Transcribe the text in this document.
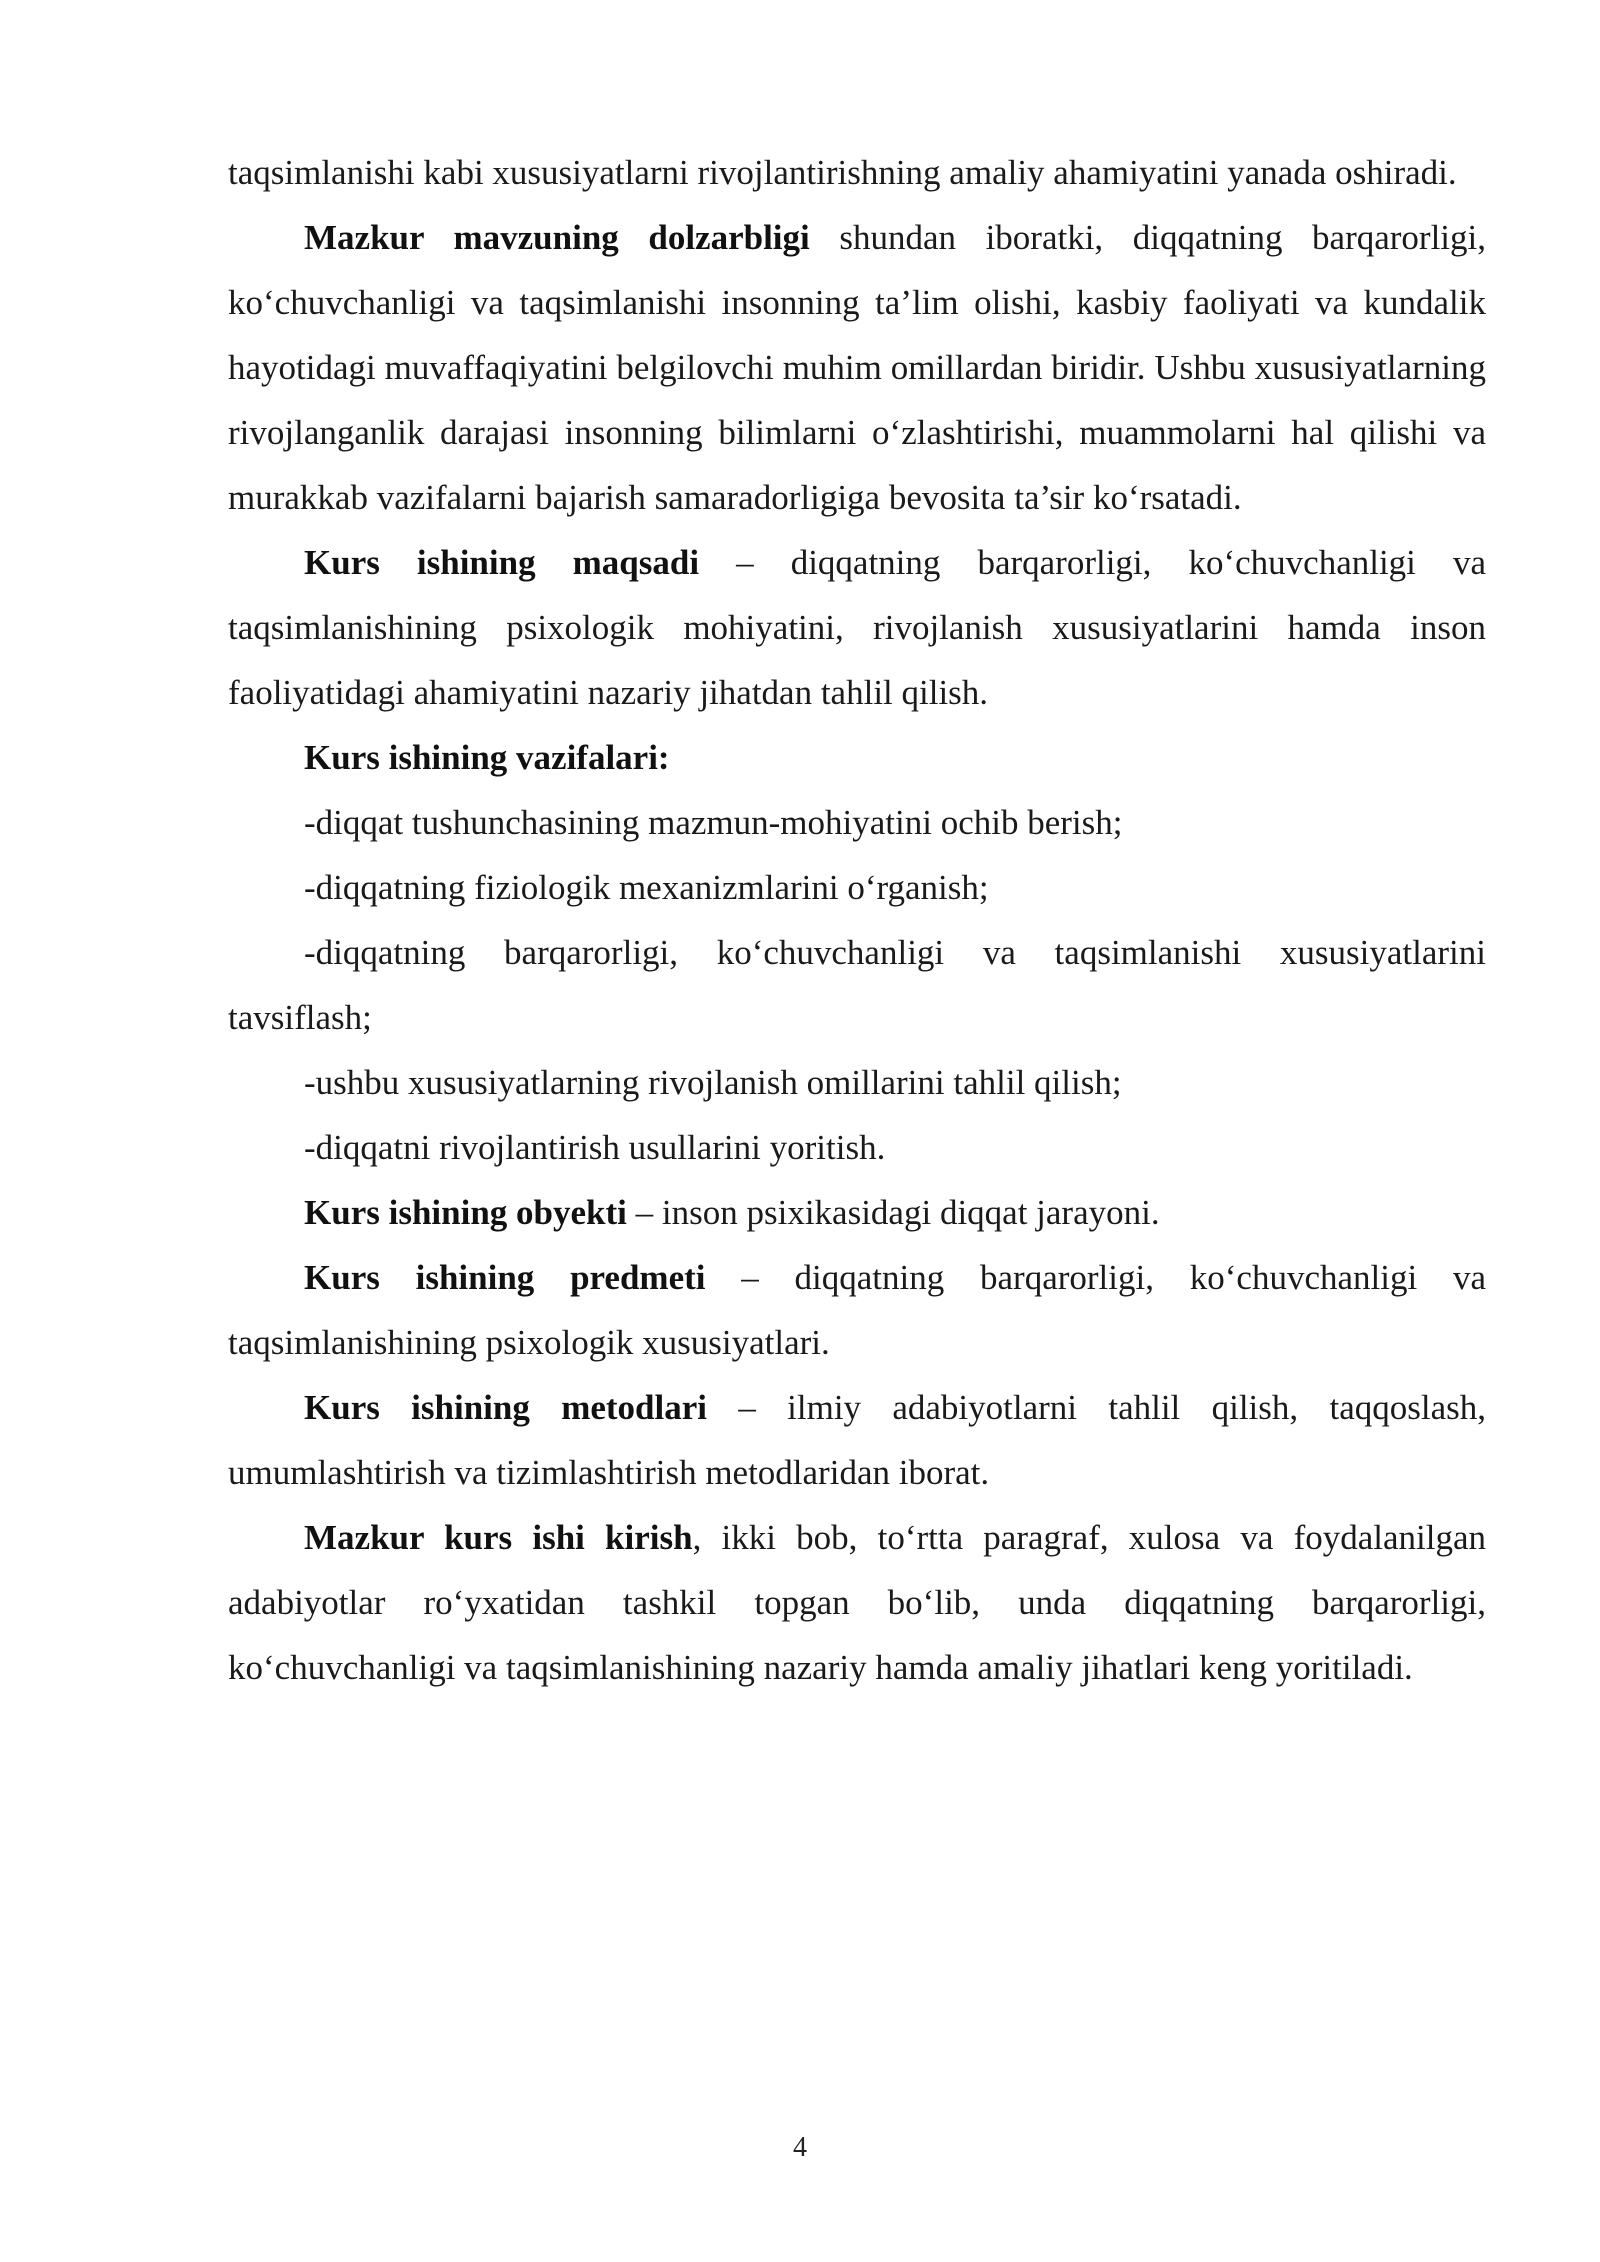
taqsimlanishi kabi xususiyatlarni rivojlantirishning amaliy ahamiyatini yanada oshiradi.

Mazkur mavzuning dolzarbligi shundan iboratki, diqqatning barqarorligi, ko‘chuvchanligi va taqsimlanishi insonning ta’lim olishi, kasbiy faoliyati va kundalik hayotidagi muvaffaqiyatini belgilovchi muhim omillardan biridir. Ushbu xususiyatlarning rivojlanganlik darajasi insonning bilimlarni o‘zlashtirishi, muammolarni hal qilishi va murakkab vazifalarni bajarish samaradorligiga bevosita ta’sir ko‘rsatadi.

Kurs ishining maqsadi – diqqatning barqarorligi, ko‘chuvchanligi va taqsimlanishining psixologik mohiyatini, rivojlanish xususiyatlarini hamda inson faoliyatidagi ahamiyatini nazariy jihatdan tahlil qilish.

Kurs ishining vazifalari:

-diqqat tushunchasining mazmun-mohiyatini ochib berish;

-diqqatning fiziologik mexanizmlarini o‘rganish;

-diqqatning barqarorligi, ko‘chuvchanligi va taqsimlanishi xususiyatlarini tavsiflash;

-ushbu xususiyatlarning rivojlanish omillarini tahlil qilish;

-diqqatni rivojlantirish usullarini yoritish.

Kurs ishining obyekti – inson psixikasidagi diqqat jarayoni.

Kurs ishining predmeti – diqqatning barqarorligi, ko‘chuvchanligi va taqsimlanishining psixologik xususiyatlari.

Kurs ishining metodlari – ilmiy adabiyotlarni tahlil qilish, taqqoslash, umumlashtirish va tizimlashtirish metodlaridan iborat.

Mazkur kurs ishi kirish, ikki bob, to‘rtta paragraf, xulosa va foydalanilgan adabiyotlar ro‘yxatidan tashkil topgan bo‘lib, unda diqqatning barqarorligi, ko‘chuvchanligi va taqsimlanishining nazariy hamda amaliy jihatlari keng yoritiladi.

4
